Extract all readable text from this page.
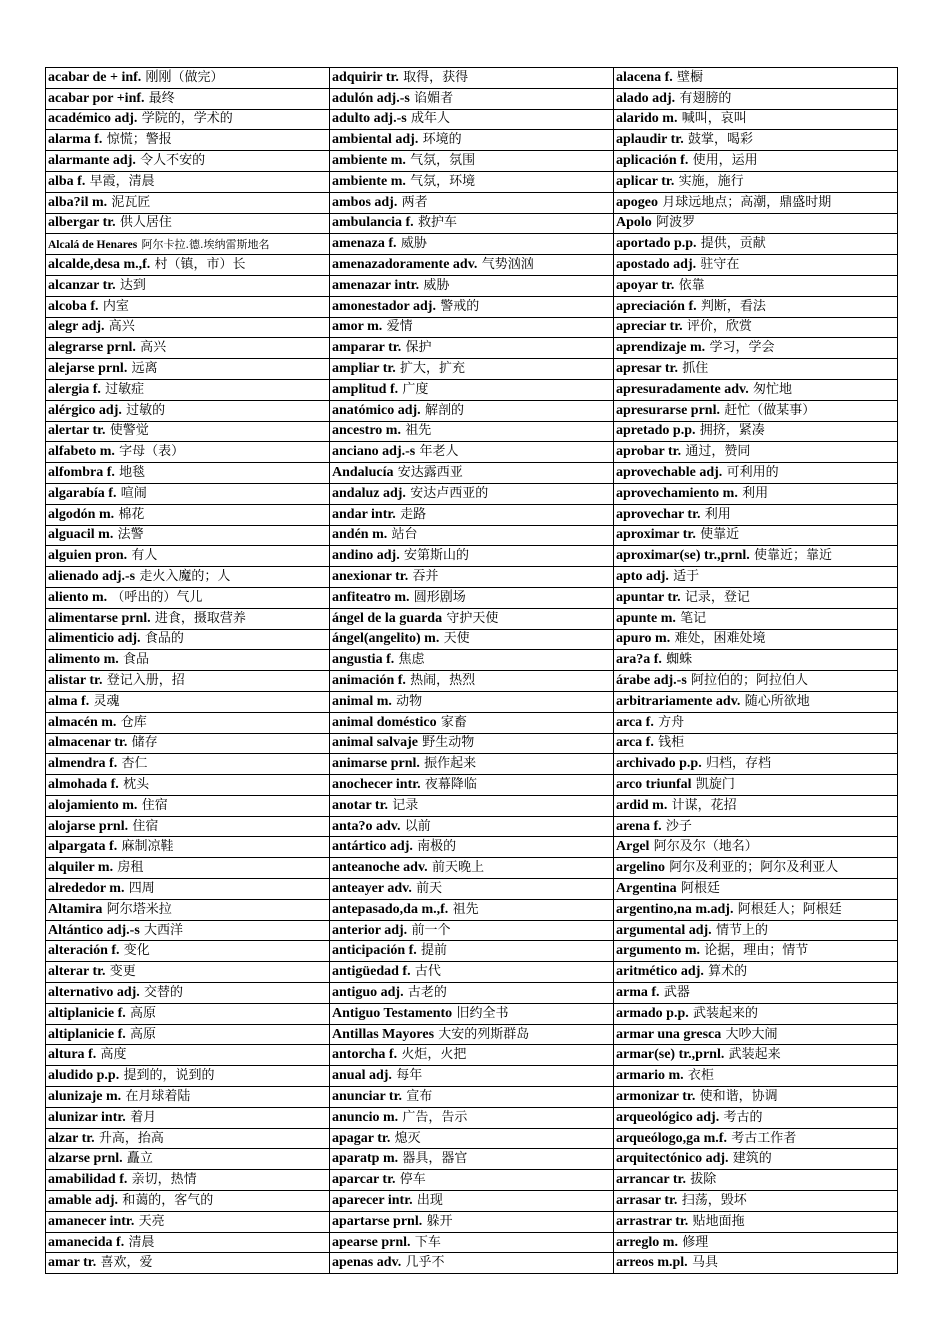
acabar de + inf. 刚刚（做完）	adquirir tr. 取得，获得	alacena f. 壁橱
acabar por +inf. 最终	adulón adj.-s 谄媚者	alado adj. 有翅膀的
académico adj. 学院的，学术的	adulto adj.-s 成年人	alarido m. 喊叫，哀叫
alarma f. 惊慌；警报	ambiental adj. 环境的	aplaudir tr. 鼓掌，喝彩
alarmante adj. 令人不安的	ambiente m. 气氛，氛围	aplicación f. 使用，运用
alba f. 早霞，清晨	ambiente m. 气氛，环境	aplicar tr. 实施，施行
alba?il m. 泥瓦匠	ambos adj. 两者	apogeo 月球远地点；高潮，鼎盛时期
albergar tr. 供人居住	ambulancia f. 救护车	Apolo 阿波罗
Alcalá de Henares 阿尔卡拉.德.埃纳雷斯地名	amenaza f. 威胁	aportado p.p. 提供，贡献
alcalde,desa m.,f. 村（镇，市）长	amenazadoramente adv. 气势汹汹	apostado adj. 驻守在
alcanzar tr. 达到	amenazar intr. 威胁	apoyar tr. 依靠
alcoba f. 内室	amonestador adj. 警戒的	apreciación f. 判断，看法
alegr adj. 高兴	amor m. 爱情	apreciar tr. 评价，欣赏
alegrarse prnl. 高兴	amparar tr. 保护	aprendizaje m. 学习，学会
alejarse prnl. 远离	ampliar tr. 扩大，扩充	apresar tr. 抓住
alergia f. 过敏症	amplitud f. 广度	apresuradamente adv. 匆忙地
alérgico adj. 过敏的	anatómico adj. 解剖的	apresurarse prnl. 赶忙（做某事）
alertar tr. 使警觉	ancestro m. 祖先	apretado p.p. 拥挤，紧凑
alfabeto m. 字母（表）	anciano adj.-s 年老人	aprobar tr. 通过，赞同
alfombra f. 地毯	Andalucía 安达露西亚	aprovechable adj. 可利用的
algarabía f. 喧闹	andaluz adj. 安达卢西亚的	aprovechamiento m. 利用
algodón m. 棉花	andar intr. 走路	aprovechar tr. 利用
alguacil m. 法警	andén m. 站台	aproximar tr. 使靠近
alguien pron. 有人	andino adj. 安第斯山的	aproximar(se) tr.,prnl. 使靠近；靠近
alienado adj.-s 走火入魔的；人	anexionar tr. 吞并	apto adj. 适于
aliento m. （呼出的）气儿	anfiteatro m. 圆形剧场	apuntar tr. 记录，登记
alimentarse prnl. 进食，摄取营养	ángel de la guarda 守护天使	apunte m. 笔记
alimenticio adj. 食品的	ángel(angelito) m. 天使	apuro m. 难处，困难处境
alimento m. 食品	angustia f. 焦虑	ara?a f. 蜘蛛
alistar tr. 登记入册，招	animación f. 热闹，热烈	árabe adj.-s 阿拉伯的；阿拉伯人
alma f. 灵魂	animal m. 动物	arbitrariamente adv. 随心所欲地
almacén m. 仓库	animal doméstico 家畜	arca f. 方舟
almacenar tr. 储存	animal salvaje 野生动物	arca f. 钱柜
almendra f. 杏仁	animarse prnl. 振作起来	archivado p.p. 归档，存档
almohada f. 枕头	anochecer intr. 夜幕降临	arco triunfal 凯旋门
alojamiento m. 住宿	anotar tr. 记录	ardid m. 计谋，花招
alojarse prnl. 住宿	anta?o adv. 以前	arena f. 沙子
alpargata f. 麻制凉鞋	antártico adj. 南极的	Argel 阿尔及尔（地名）
alquiler m. 房租	anteanoche adv. 前天晚上	argelino 阿尔及利亚的；阿尔及利亚人
alrededor m. 四周	anteayer adv. 前天	Argentina 阿根廷
Altamira 阿尔塔米拉	antepasado,da m.,f. 祖先	argentino,na m.adj. 阿根廷人；阿根廷
Altántico adj.-s 大西洋	anterior adj. 前一个	argumental adj. 情节上的
alteración f. 变化	anticipación f. 提前	argumento m. 论据，理由；情节
alterar tr. 变更	antigüedad f. 古代	aritmético adj. 算术的
alternativo adj. 交替的	antiguo adj. 古老的	arma f. 武器
altiplanicie f. 高原	Antiguo Testamento 旧约全书	armado p.p. 武装起来的
altiplanicie f. 高原	Antillas Mayores 大安的列斯群岛	armar una gresca 大吵大闹
altura f. 高度	antorcha f. 火炬，火把	armar(se) tr.,prnl. 武装起来
aludido p.p. 提到的，说到的	anual adj. 每年	armario m. 衣柜
alunizaje m. 在月球着陆	anunciar tr. 宣布	armonizar tr. 使和谐，协调
alunizar intr. 着月	anuncio m. 广告，告示	arqueológico adj. 考古的
alzar tr. 升高，抬高	apagar tr. 熄灭	arqueólogo,ga m.f. 考古工作者
alzarse prnl. 矗立	aparatp m. 器具，器官	arquitectónico adj. 建筑的
amabilidad f. 亲切，热情	aparcar tr. 停车	arrancar tr. 拔除
amable adj. 和蔼的，客气的	aparecer intr. 出现	arrasar tr. 扫荡，毁坏
amanecer intr. 天亮	apartarse prnl. 躲开	arrastrar tr. 贴地面拖
amanecida f. 清晨	apearse prnl. 下车	arreglo m. 修理
amar tr. 喜欢，爱	apenas adv. 几乎不	arreos m.pl. 马具
